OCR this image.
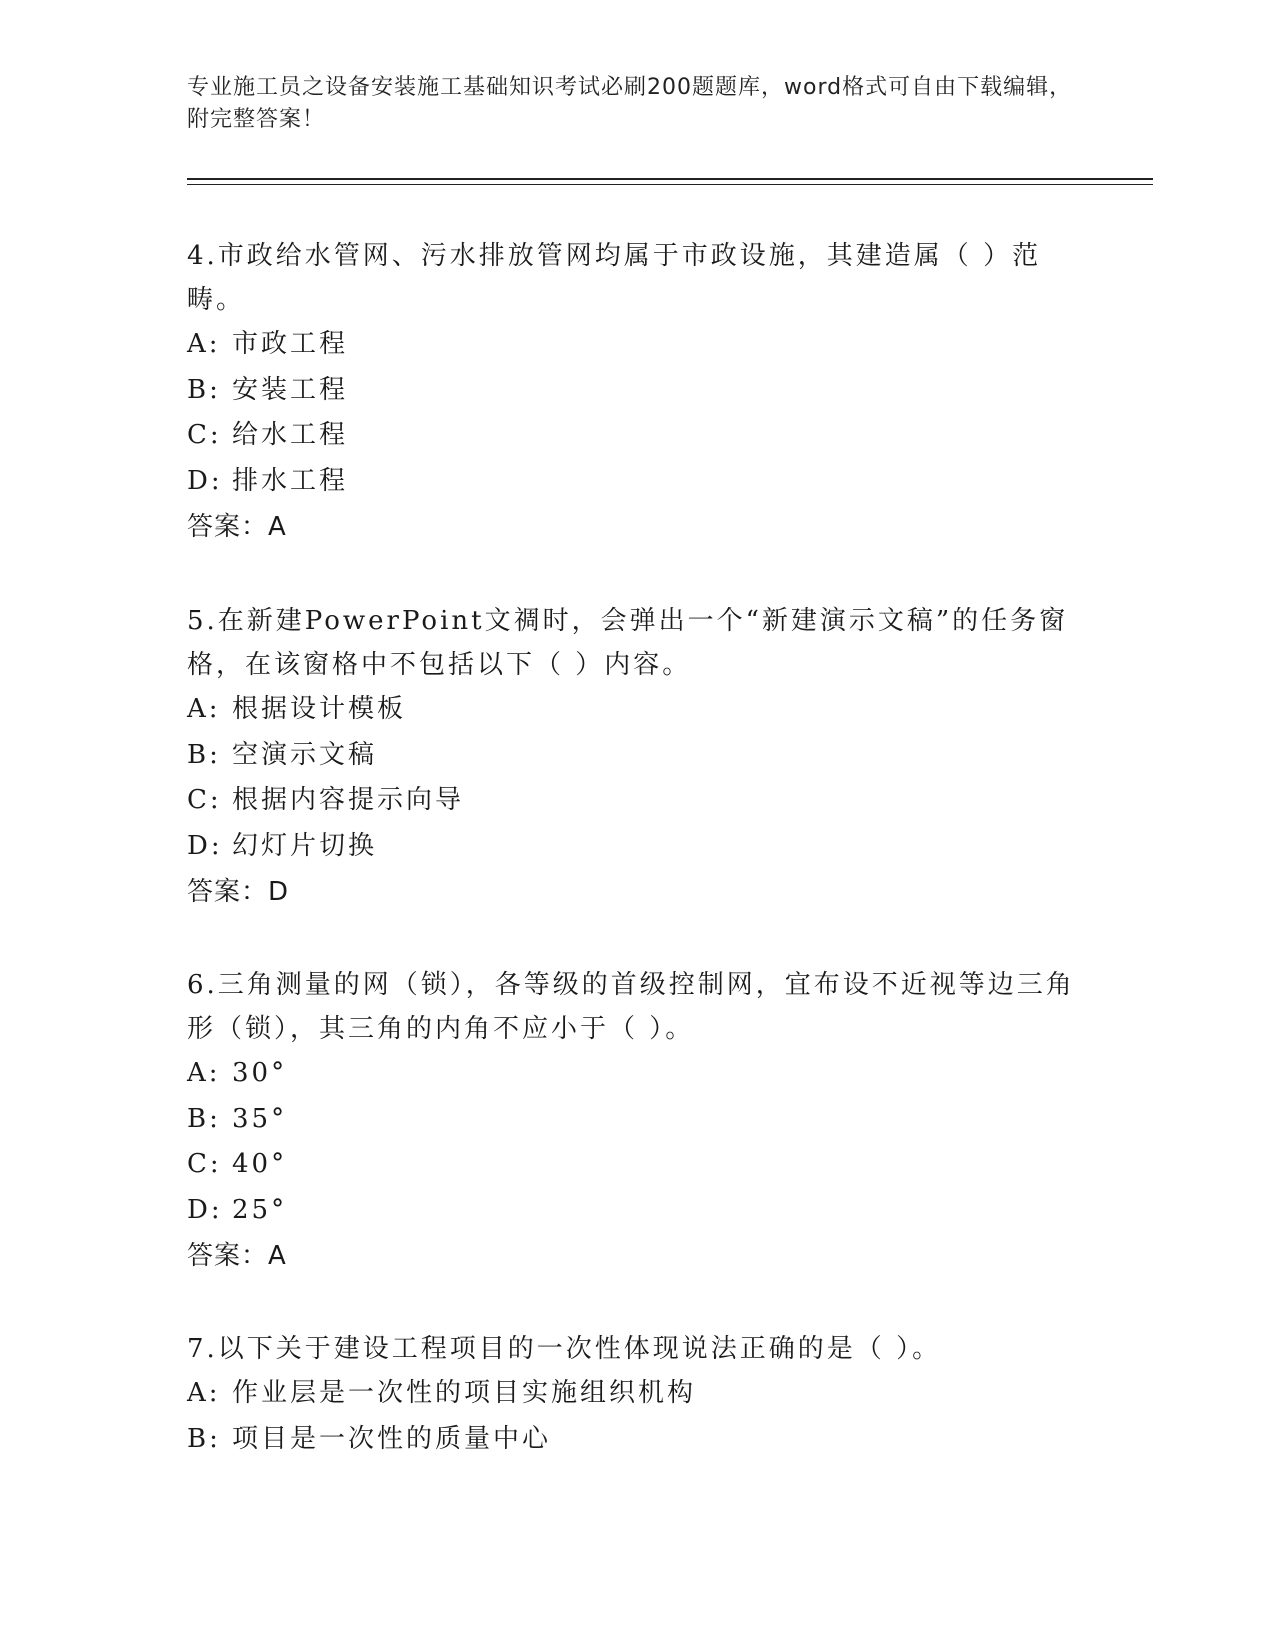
专业施工员之设备安装施工基础知识考试必刷200题题库，word格式可自由下载编辑，附完整答案！

4.市政给水管网、污水排放管网均属于市政设施，其建造属（ ）范畴。

A: 市政工程

B: 安装工程

C: 给水工程

D: 排水工程

答案：A

5.在新建PowerPoint文禂时，会弹出一个“新建演示文稿”的任务窗格，在该窗格中不包括以下（ ）内容。

A: 根据设计模板

B: 空演示文稿

C: 根据内容提示向导

D: 幻灯片切换

答案：D

6.三角测量的网（锁），各等级的首级控制网，宜布设不近视等边三角形（锁），其三角的内角不应小于（ ）。

A: 30°

B: 35°

C: 40°

D: 25°

答案：A

7.以下关于建设工程项目的一次性体现说法正确的是（ ）。

A: 作业层是一次性的项目实施组织机构

B: 项目是一次性的质量中心
